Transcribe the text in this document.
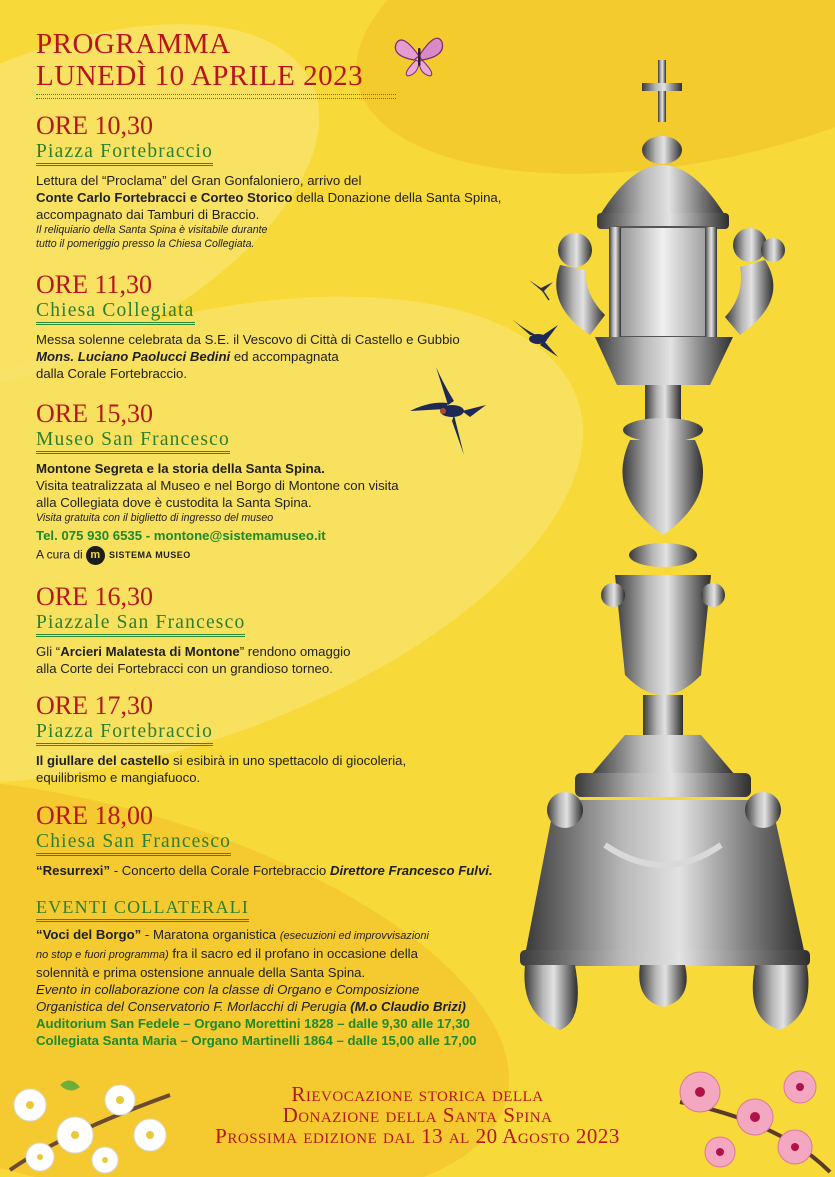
PROGRAMMA
LUNEDÌ 10 APRILE 2023
ORE 10,30
Piazza Fortebraccio
Lettura del “Proclama” del Gran Gonfaloniero, arrivo del
Conte Carlo Fortebracci e Corteo Storico della Donazione della Santa Spina,
accompagnato dai Tamburi di Braccio.
Il reliquiario della Santa Spina è visitabile durante
tutto il pomeriggio presso la Chiesa Collegiata.
ORE 11,30
Chiesa Collegiata
Messa solenne celebrata da S.E. il Vescovo di Città di Castello e Gubbio
Mons. Luciano Paolucci Bedini ed accompagnata
dalla Corale Fortebraccio.
ORE 15,30
Museo San Francesco
Montone Segreta e la storia della Santa Spina.
Visita teatralizzata al Museo e nel Borgo di Montone con visita
alla Collegiata dove è custodita la Santa Spina.
Visita gratuita con il biglietto di ingresso del museo
Tel. 075 930 6535 - montone@sistemamuseo.it
A cura di m SISTEMA MUSEO
ORE 16,30
Piazzale San Francesco
Gli “Arcieri Malatesta di Montone” rendono omaggio
alla Corte dei Fortebracci con un grandioso torneo.
ORE 17,30
Piazza Fortebraccio
Il giullare del castello si esibirà in uno spettacolo di giocoleria,
equilibrismo e mangiafuoco.
ORE 18,00
Chiesa San Francesco
“Resurrexi” - Concerto della Corale Fortebraccio Direttore Francesco Fulvi.
EVENTI COLLATERALI
“Voci del Borgo” - Maratona organistica (esecuzioni ed improvvisazioni
no stop e fuori programma) fra il sacro ed il profano in occasione della
solennità e prima ostensione annuale della Santa Spina.
Evento in collaborazione con la classe di Organo e Composizione
Organistica del Conservatorio F. Morlacchi di Perugia (M.o Claudio Brizi)
Auditorium San Fedele – Organo Morettini 1828 – dalle 9,30 alle 17,30
Collegiata Santa Maria – Organo Martinelli 1864 – dalle 15,00 alle 17,00
Rievocazione storica della
Donazione della Santa Spina
Prossima edizione dal 13 al 20 Agosto 2023
